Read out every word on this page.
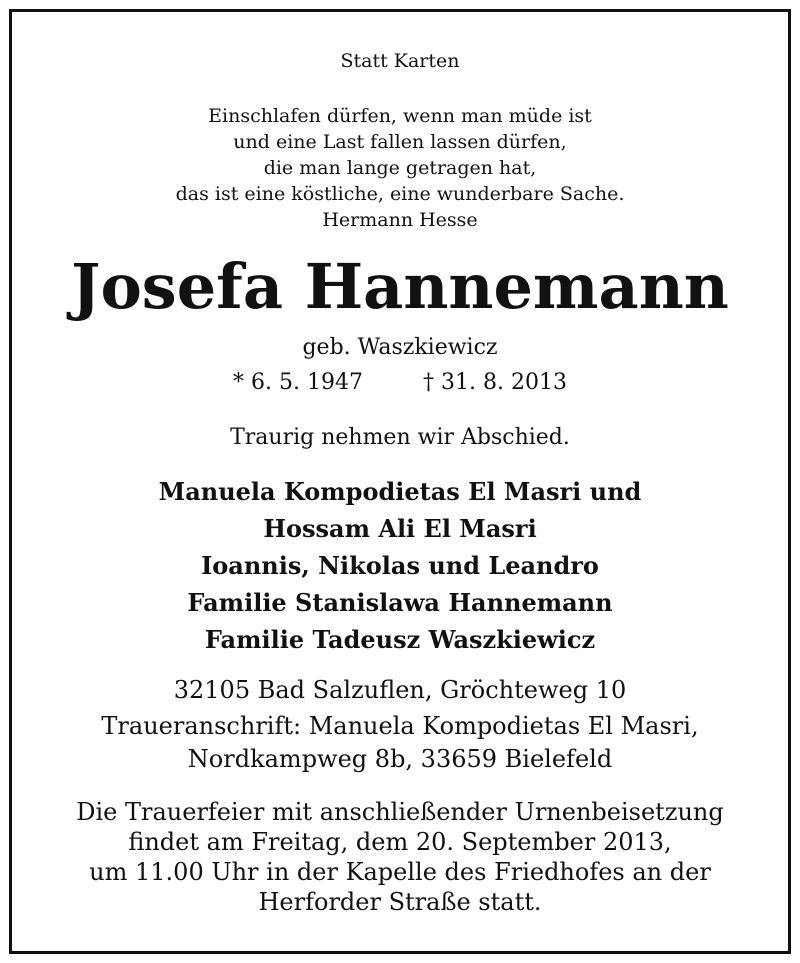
Statt Karten
Einschlafen dürfen, wenn man müde ist
und eine Last fallen lassen dürfen,
die man lange getragen hat,
das ist eine köstliche, eine wunderbare Sache.
Hermann Hesse
Josefa Hannemann
geb. Waszkiewicz
* 6. 5. 1947	† 31. 8. 2013
Traurig nehmen wir Abschied.
Manuela Kompodietas El Masri und
Hossam Ali El Masri
Ioannis, Nikolas und Leandro
Familie Stanislawa Hannemann
Familie Tadeusz Waszkiewicz
32105 Bad Salzuflen, Gröchteweg 10
Traueranschrift: Manuela Kompodietas El Masri,
Nordkampweg 8b, 33659 Bielefeld
Die Trauerfeier mit anschließender Urnenbeisetzung
findet am Freitag, dem 20. September 2013,
um 11.00 Uhr in der Kapelle des Friedhofes an der
Herforder Straße statt.
